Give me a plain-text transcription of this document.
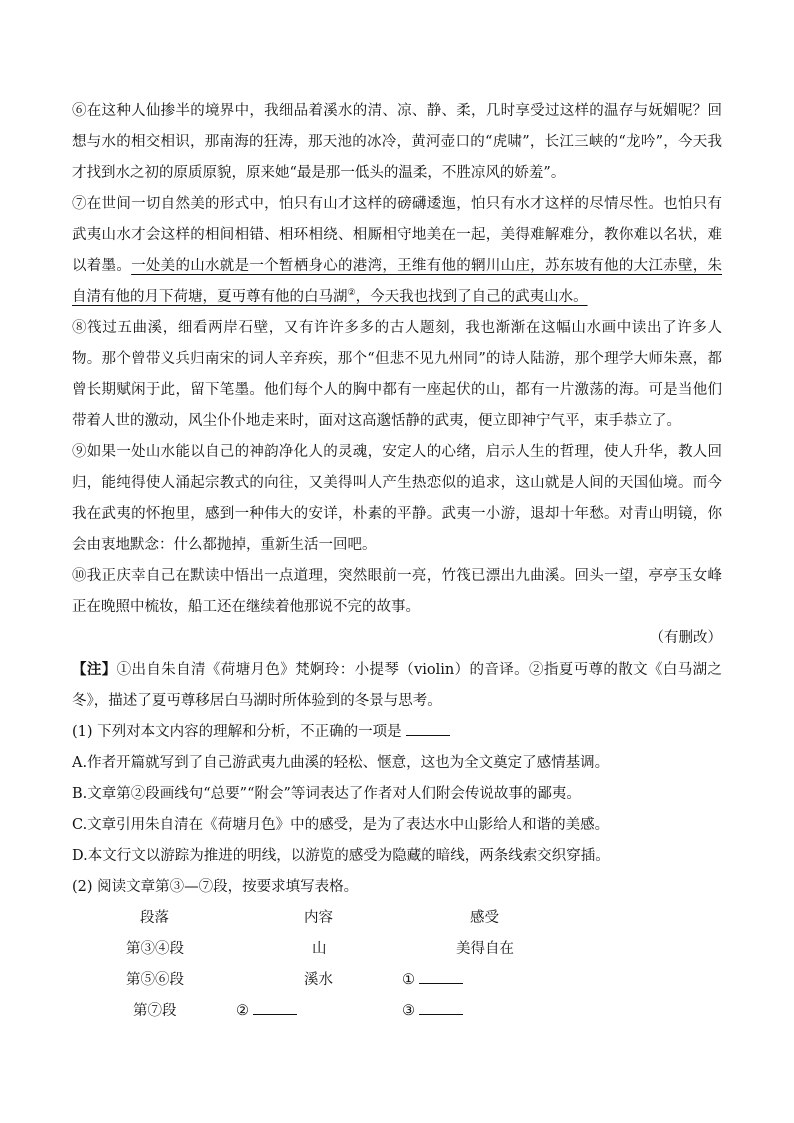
⑥在这种人仙掺半的境界中，我细品着溪水的清、凉、静、柔，几时享受过这样的温存与妩媚呢？回想与水的相交相识，那南海的狂涛，那天池的冰冷，黄河壶口的“虎啸”，长江三峡的“龙吟”，今天我才找到水之初的原质原貌，原来她“最是那一低头的温柔，不胜凉风的娇羞”。

⑦在世间一切自然美的形式中，怕只有山才这样的磅礴逶迤，怕只有水才这样的尽情尽性。也怕只有武夷山水才会这样的相间相错、相环相绕、相厮相守地美在一起，美得难解难分，教你难以名状，难以着墨。一处美的山水就是一个暂栖身心的港湾，王维有他的辋川山庄，苏东坡有他的大江赤壁，朱自清有他的月下荷塘，夏丏尊有他的白马湖②，今天我也找到了自己的武夷山水。

⑧筏过五曲溪，细看两岸石壁，又有许许多多的古人题刻，我也渐渐在这幅山水画中读出了许多人物。那个曾带义兵归南宋的词人辛弃疾，那个“但悲不见九州同”的诗人陆游，那个理学大师朱熹，都曾长期赋闲于此，留下笔墨。他们每个人的胸中都有一座起伏的山，都有一片激荡的海。可是当他们带着人世的激动，风尘仆仆地走来时，面对这高邈恬静的武夷，便立即神宁气平，束手恭立了。

⑨如果一处山水能以自己的神韵净化人的灵魂，安定人的心绪，启示人生的哲理，使人升华，教人回归，能纯得使人涌起宗教式的向往，又美得叫人产生热恋似的追求，这山就是人间的天国仙境。而今我在武夷的怀抱里，感到一种伟大的安详，朴素的平静。武夷一小游，退却十年愁。对青山明镜，你会由衷地默念：什么都抛掉，重新生活一回吧。

⑩我正庆幸自己在默读中悟出一点道理，突然眼前一亮，竹筏已漂出九曲溪。回头一望，亭亭玉女峰正在晚照中梳妆，船工还在继续着他那说不完的故事。

（有删改）

【注】①出自朱自清《荷塘月色》梵婀玲：小提琴（violin）的音译。②指夏丏尊的散文《白马湖之冬》，描述了夏丏尊移居白马湖时所体验到的冬景与思考。

(1) 下列对本文内容的理解和分析，不正确的一项是

A.作者开篇就写到了自己游武夷九曲溪的轻松、惬意，这也为全文奠定了感情基调。

B.文章第②段画线句“总要”“附会”等词表达了作者对人们附会传说故事的鄙夷。

C.文章引用朱自清在《荷塘月色》中的感受，是为了表达水中山影给人和谐的美感。

D.本文行文以游踪为推进的明线，以游览的感受为隐藏的暗线，两条线索交织穿插。

(2) 阅读文章第③—⑦段，按要求填写表格。

段落	内容	感受
第③④段	山	美得自在
第⑤⑥段	溪水	①
第⑦段	②	③
